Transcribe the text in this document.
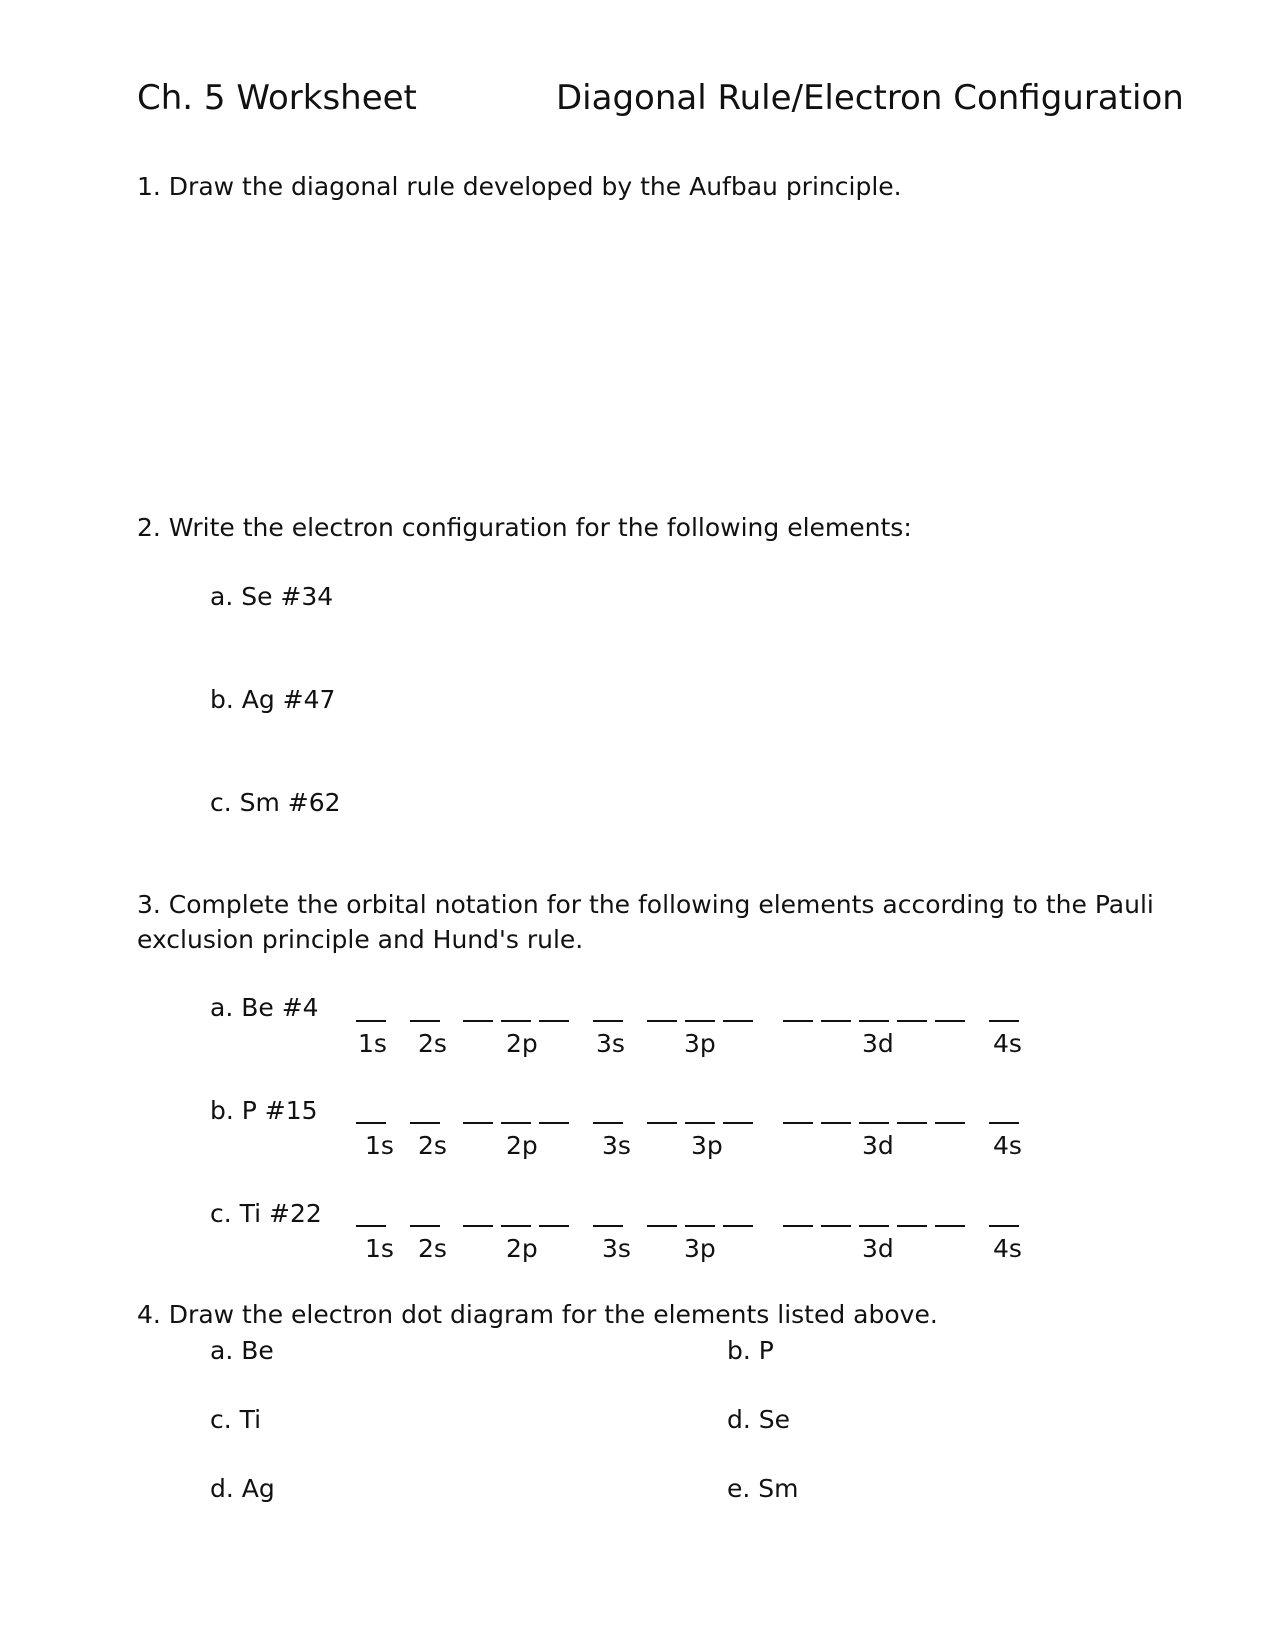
Ch. 5 Worksheet	Diagonal Rule/Electron Configuration
1. Draw the diagonal rule developed by the Aufbau principle.
2. Write the electron configuration for the following elements:
a. Se #34
b. Ag #47
c. Sm #62
3. Complete the orbital notation for the following elements according to the Pauli
exclusion principle and Hund's rule.
a. Be #4
1s 2s 2p 3s 3p	3d	4s
b. P #15
1s 2s 2p	3s 3p	3d	4s
c. Ti #22
1s 2s 2p	3s 3p	3d	4s
4. Draw the electron dot diagram for the elements listed above.
a. Be	b. P
c. Ti	d. Se
d. Ag	e. Sm
